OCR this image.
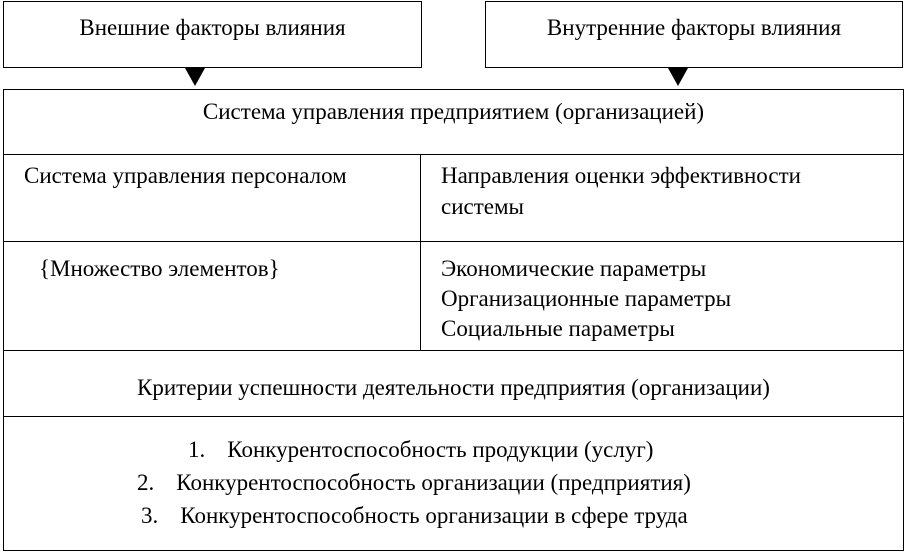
Внешние факторы влияния	Внутренние факторы влияния
Система управления предприятием (организацией)
Система управления персоналом	Направления оценки эффективности
системы
{Множество элементов}	Экономические параметры
Организационные параметры
Социальные параметры
Критерии успешности деятельности предприятия (организации)
1. Конкурентоспособность продукции (услуг)
2. Конкурентоспособность организации (предприятия)
3. Конкурентоспособность организации в сфере труда
